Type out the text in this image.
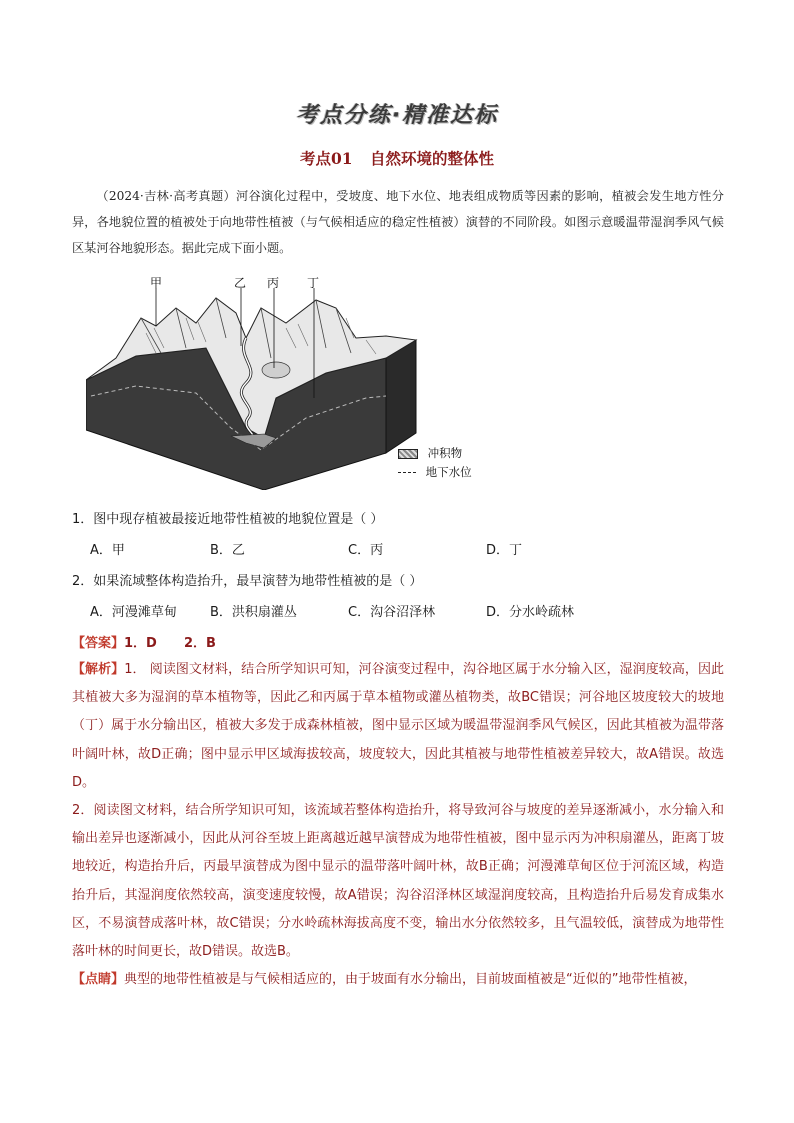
考点分练·精准达标
考点01 自然环境的整体性

（2024·吉林·高考真题）河谷演化过程中，受坡度、地下水位、地表组成物质等因素的影响，植被会发生地方性分异，各地貌位置的植被处于向地带性植被（与气候相适应的稳定性植被）演替的不同阶段。如图示意暖温带湿润季风气候区某河谷地貌形态。据此完成下面小题。

甲	乙 丙 丁
冲积物
地下水位
1．图中现存植被最接近地带性植被的地貌位置是（ ）
A．甲	B．乙	C．丙	D．丁
2．如果流域整体构造抬升，最早演替为地带性植被的是（ ）
A．河漫滩草甸	B．洪积扇灌丛	C．沟谷沼泽林	D．分水岭疏林
【答案】1．D      2．B

【解析】1． 阅读图文材料，结合所学知识可知，河谷演变过程中，沟谷地区属于水分输入区，湿润度较高，因此其植被大多为湿润的草本植物等，因此乙和丙属于草本植物或灌丛植物类，故BC错误；河谷地区坡度较大的坡地（丁）属于水分输出区，植被大多发于成森林植被，图中显示区域为暖温带湿润季风气候区，因此其植被为温带落叶阔叶林，故D正确；图中显示甲区域海拔较高，坡度较大，因此其植被与地带性植被差异较大，故A错误。故选D。

2．阅读图文材料，结合所学知识可知，该流域若整体构造抬升，将导致河谷与坡度的差异逐渐减小，水分输入和输出差异也逐渐减小，因此从河谷至坡上距离越近越早演替成为地带性植被，图中显示丙为冲积扇灌丛，距离丁坡地较近，构造抬升后，丙最早演替成为图中显示的温带落叶阔叶林，故B正确；河漫滩草甸区位于河流区域，构造抬升后，其湿润度依然较高，演变速度较慢，故A错误；沟谷沼泽林区域湿润度较高，且构造抬升后易发育成集水区，不易演替成落叶林，故C错误；分水岭疏林海拔高度不变，输出水分依然较多，且气温较低，演替成为地带性落叶林的时间更长，故D错误。故选B。

【点睛】典型的地带性植被是与气候相适应的，由于坡面有水分输出，目前坡面植被是“近似的”地带性植被，
